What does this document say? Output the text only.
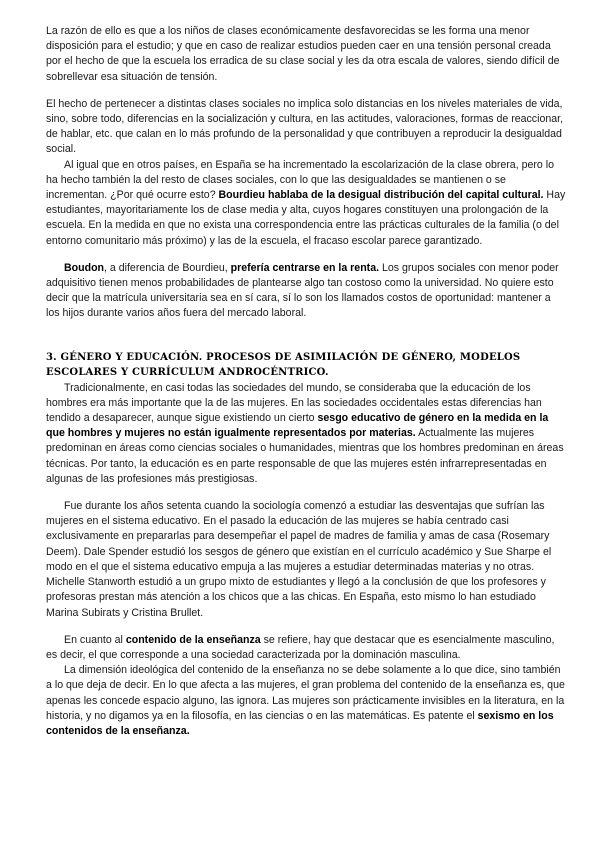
La razón de ello es que a los niños de clases económicamente desfavorecidas se les forma una menor disposición para el estudio; y que en caso de realizar estudios pueden caer en una tensión personal creada por el hecho de que la escuela los erradica de su clase social y les da otra escala de valores, siendo difícil de sobrellevar esa situación de tensión.

El hecho de pertenecer a distintas clases sociales no implica solo distancias en los niveles materiales de vida, sino, sobre todo, diferencias en la socialización y cultura, en las actitudes, valoraciones, formas de reaccionar, de hablar, etc. que calan en lo más profundo de la personalidad y que contribuyen a reproducir la desigualdad social.

Al igual que en otros países, en España se ha incrementado la escolarización de la clase obrera, pero lo ha hecho también la del resto de clases sociales, con lo que las desigualdades se mantienen o se incrementan. ¿Por qué ocurre esto? Bourdieu hablaba de la desigual distribución del capital cultural. Hay estudiantes, mayoritariamente los de clase media y alta, cuyos hogares constituyen una prolongación de la escuela. En la medida en que no exista una correspondencia entre las prácticas culturales de la familia (o del entorno comunitario más próximo) y las de la escuela, el fracaso escolar parece garantizado.

Boudon, a diferencia de Bourdieu, prefería centrarse en la renta. Los grupos sociales con menor poder adquisitivo tienen menos probabilidades de plantearse algo tan costoso como la universidad. No quiere esto decir que la matrícula universitaria sea en sí cara, sí lo son los llamados costos de oportunidad: mantener a los hijos durante varios años fuera del mercado laboral.

3. GÉNERO Y EDUCACIÓN. PROCESOS DE ASIMILACIÓN DE GÉNERO, MODELOS ESCOLARES Y CURRÍCULUM ANDROCÉNTRICO.

Tradicionalmente, en casi todas las sociedades del mundo, se consideraba que la educación de los hombres era más importante que la de las mujeres. En las sociedades occidentales estas diferencias han tendido a desaparecer, aunque sigue existiendo un cierto sesgo educativo de género en la medida en la que hombres y mujeres no están igualmente representados por materias. Actualmente las mujeres predominan en áreas como ciencias sociales o humanidades, mientras que los hombres predominan en áreas técnicas. Por tanto, la educación es en parte responsable de que las mujeres estén infrarrepresentadas en algunas de las profesiones más prestigiosas.

Fue durante los años setenta cuando la sociología comenzó a estudiar las desventajas que sufrían las mujeres en el sistema educativo. En el pasado la educación de las mujeres se había centrado casi exclusivamente en prepararlas para desempeñar el papel de madres de familia y amas de casa (Rosemary Deem). Dale Spender estudió los sesgos de género que existían en el currículo académico y Sue Sharpe el modo en el que el sistema educativo empuja a las mujeres a estudiar determinadas materias y no otras. Michelle Stanworth estudió a un grupo mixto de estudiantes y llegó a la conclusión de que los profesores y profesoras prestan más atención a los chicos que a las chicas. En España, esto mismo lo han estudiado Marina Subirats y Cristina Brullet.

En cuanto al contenido de la enseñanza se refiere, hay que destacar que es esencialmente masculino, es decir, el que corresponde a una sociedad caracterizada por la dominación masculina.

La dimensión ideológica del contenido de la enseñanza no se debe solamente a lo que dice, sino también a lo que deja de decir. En lo que afecta a las mujeres, el gran problema del contenido de la enseñanza es, que apenas les concede espacio alguno, las ignora. Las mujeres son prácticamente invisibles en la literatura, en la historia, y no digamos ya en la filosofía, en las ciencias o en las matemáticas. Es patente el sexismo en los contenidos de la enseñanza.
